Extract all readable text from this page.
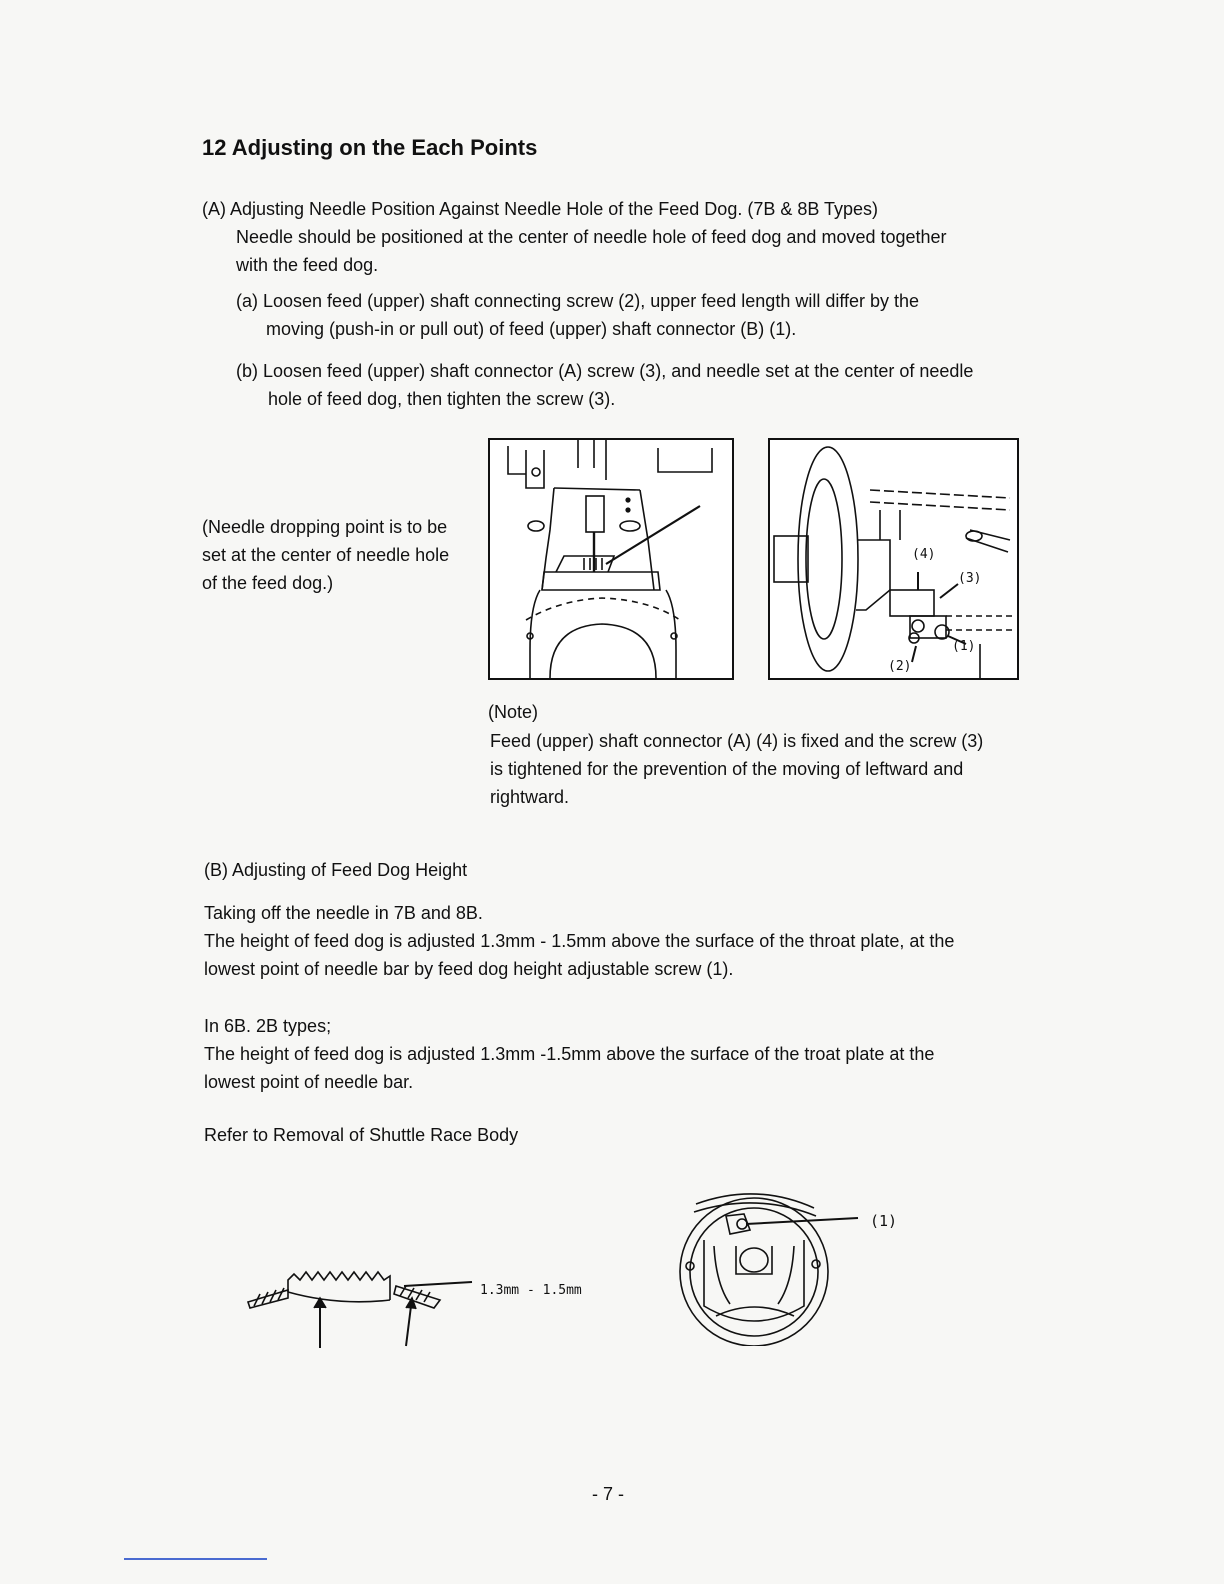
12 Adjusting on the Each Points

(A) Adjusting Needle Position Against Needle Hole of the Feed Dog. (7B & 8B Types)

Needle should be positioned at the center of needle hole of feed dog and moved together

with the feed dog.

(a) Loosen feed (upper) shaft connecting screw (2), upper feed length will differ by the

moving (push-in or pull out) of feed (upper) shaft connector (B) (1).

(b) Loosen feed (upper) shaft connector (A) screw (3), and needle set at the center of needle

hole of feed dog, then tighten the screw (3).

(Needle dropping point is to be

set at the center of needle hole

of the feed dog.)

(4)
(3)
(1)
(2)

(Note)

Feed (upper) shaft connector (A) (4) is fixed and the screw (3)

is tightened for the prevention of the moving of leftward and

rightward.

(B) Adjusting of Feed Dog Height

Taking off the needle in 7B and 8B.

The height of feed dog is adjusted 1.3mm - 1.5mm above the surface of the throat plate, at the

lowest point of needle bar by feed dog height adjustable screw (1).

In 6B. 2B types;

The height of feed dog is adjusted 1.3mm -1.5mm above the surface of the troat plate at the

lowest point of needle bar.

Refer to Removal of Shuttle Race Body

1.3mm - 1.5mm
(1)

- 7 -
